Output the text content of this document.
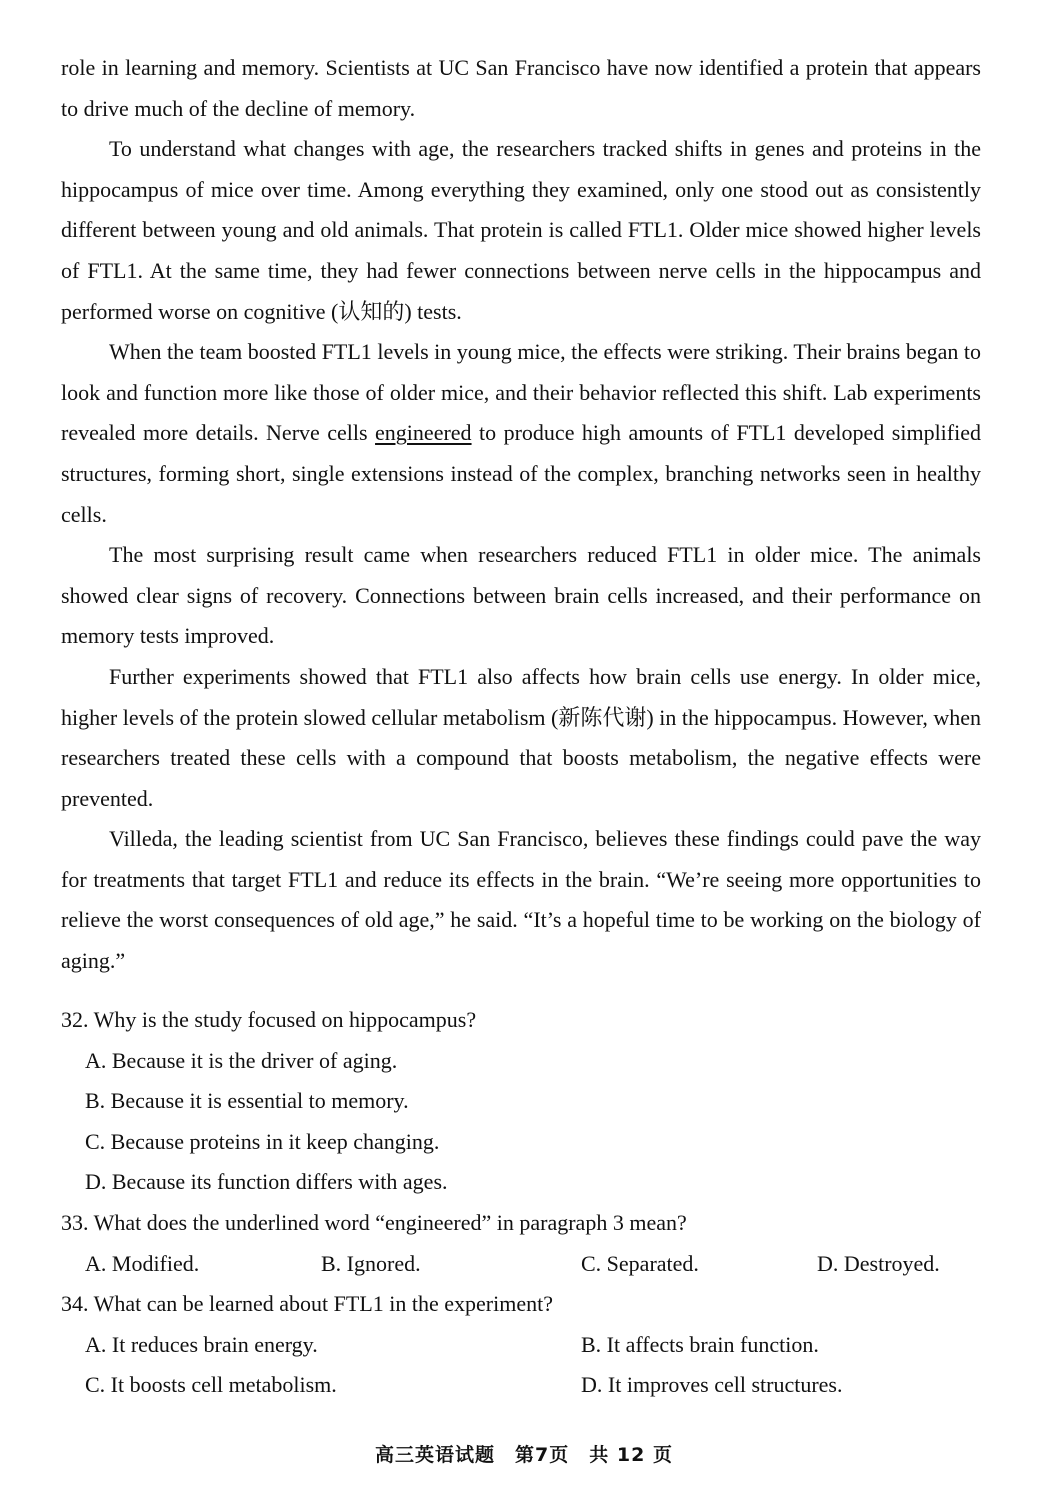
role in learning and memory. Scientists at UC San Francisco have now identified a protein that appears to drive much of the decline of memory.

To understand what changes with age, the researchers tracked shifts in genes and proteins in the hippocampus of mice over time. Among everything they examined, only one stood out as consistently different between young and old animals. That protein is called FTL1. Older mice showed higher levels of FTL1. At the same time, they had fewer connections between nerve cells in the hippocampus and performed worse on cognitive (认知的) tests.

When the team boosted FTL1 levels in young mice, the effects were striking. Their brains began to look and function more like those of older mice, and their behavior reflected this shift. Lab experiments revealed more details. Nerve cells engineered to produce high amounts of FTL1 developed simplified structures, forming short, single extensions instead of the complex, branching networks seen in healthy cells.

The most surprising result came when researchers reduced FTL1 in older mice. The animals showed clear signs of recovery. Connections between brain cells increased, and their performance on memory tests improved.

Further experiments showed that FTL1 also affects how brain cells use energy. In older mice, higher levels of the protein slowed cellular metabolism (新陈代谢) in the hippocampus. However, when researchers treated these cells with a compound that boosts metabolism, the negative effects were prevented.

Villeda, the leading scientist from UC San Francisco, believes these findings could pave the way for treatments that target FTL1 and reduce its effects in the brain. “We’re seeing more opportunities to relieve the worst consequences of old age,” he said. “It’s a hopeful time to be working on the biology of aging.”

32. Why is the study focused on hippocampus?

A. Because it is the driver of aging.

B. Because it is essential to memory.

C. Because proteins in it keep changing.

D. Because its function differs with ages.

33. What does the underlined word “engineered” in paragraph 3 mean?

A. Modified.	B. Ignored.	C. Separated.	D. Destroyed.

34. What can be learned about FTL1 in the experiment?

A. It reduces brain energy.	B. It affects brain function.
C. It boosts cell metabolism.	D. It improves cell structures.
高三英语试题　第7页　共 12 页
